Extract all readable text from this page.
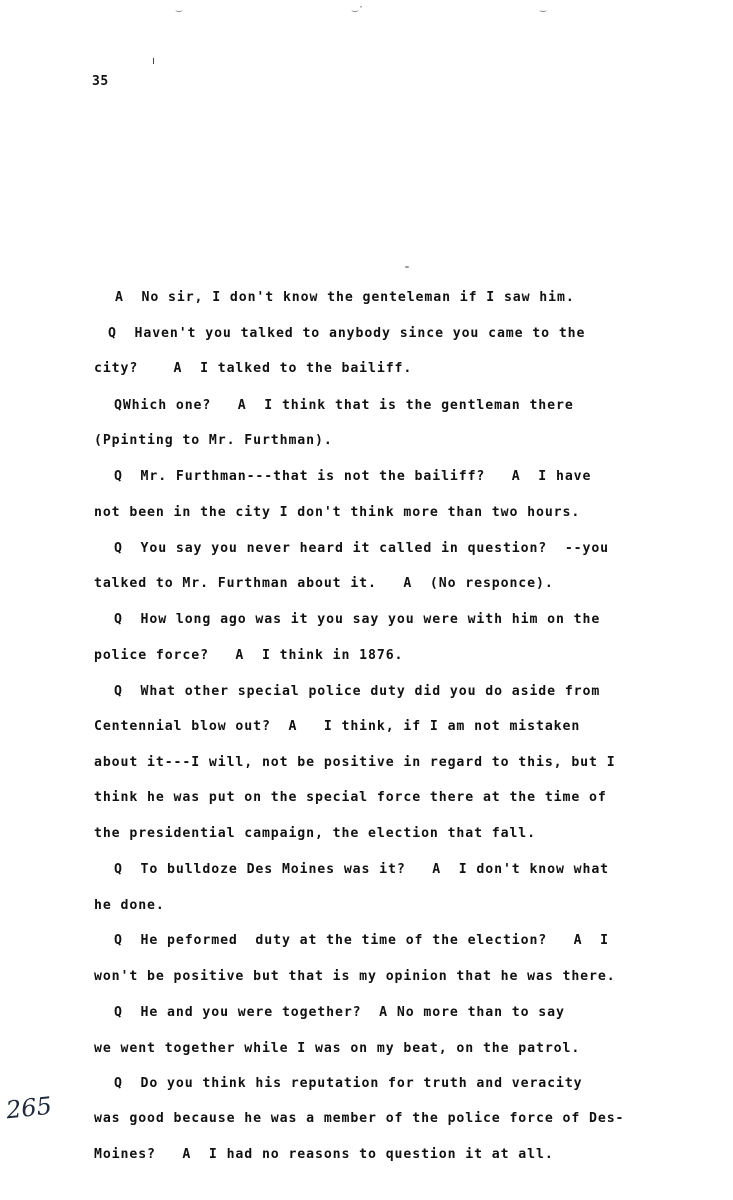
‿	‿·	‿
35
A  No sir, I don't know the genteleman if I saw him.
Q  Haven't you talked to anybody since you came to the
city?    A  I talked to the bailiff.
QWhich one?   A  I think that is the gentleman there
(Ppinting to Mr. Furthman).
Q  Mr. Furthman---that is not the bailiff?   A  I have
not been in the city I don't think more than two hours.
Q  You say you never heard it called in question?  --you
talked to Mr. Furthman about it.   A  (No responce).
Q  How long ago was it you say you were with him on the
police force?   A  I think in 1876.
Q  What other special police duty did you do aside from
Centennial blow out?  A   I think, if I am not mistaken
about it---I will, not be positive in regard to this, but I
think he was put on the special force there at the time of
the presidential campaign, the election that fall.
Q  To bulldoze Des Moines was it?   A  I don't know what
he done.
Q  He peformed  duty at the time of the election?   A  I
won't be positive but that is my opinion that he was there.
Q  He and you were together?  A No more than to say
we went together while I was on my beat, on the patrol.
Q  Do you think his reputation for truth and veracity
was good because he was a member of the police force of Des-
Moines?   A  I had no reasons to question it at all.
265
